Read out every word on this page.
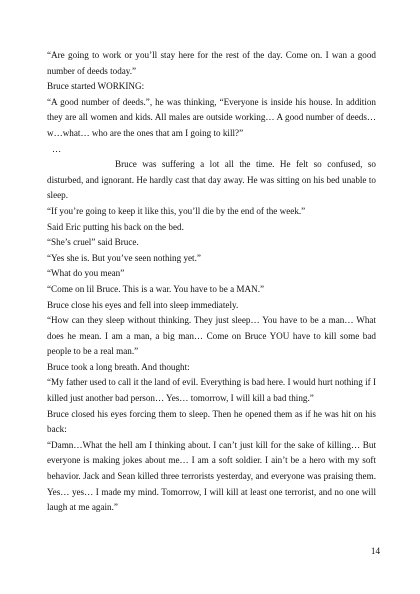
“Are going to work or you’ll stay here for the rest of the day. Come on. I wan a good number of deeds today.”

Bruce started WORKING:

“A good number of deeds.”, he was thinking, “Everyone is inside his house. In addition they are all women and kids. All males are outside working… A good number of deeds… w…what… who are the ones that am I going to kill?”

…

Bruce was suffering a lot all the time. He felt so confused, so disturbed, and ignorant. He hardly cast that day away. He was sitting on his bed unable to sleep.

“If you’re going to keep it like this, you’ll die by the end of the week.”

Said Eric putting his back on the bed.

“She’s cruel” said Bruce.

“Yes she is. But you’ve seen nothing yet.”

“What do you mean”

“Come on lil Bruce. This is a war. You have to be a MAN.”

Bruce close his eyes and fell into sleep immediately.

“How can they sleep without thinking. They just sleep… You have to be a man… What does he mean. I am a man, a big man… Come on Bruce YOU have to kill some bad people to be a real man.”

Bruce took a long breath. And thought:

“My father used to call it the land of evil. Everything is bad here. I would hurt nothing if I killed just another bad person… Yes… tomorrow, I will kill a bad thing.”

Bruce closed his eyes forcing them to sleep. Then he opened them as if he was hit on his back:

“Damn…What the hell am I thinking about. I can’t just kill for the sake of killing… But everyone is making jokes about me… I am a soft soldier. I ain’t be a hero with my soft behavior. Jack and Sean killed three terrorists yesterday, and everyone was praising them. Yes… yes… I made my mind. Tomorrow, I will kill at least one terrorist, and no one will laugh at me again.”

14
